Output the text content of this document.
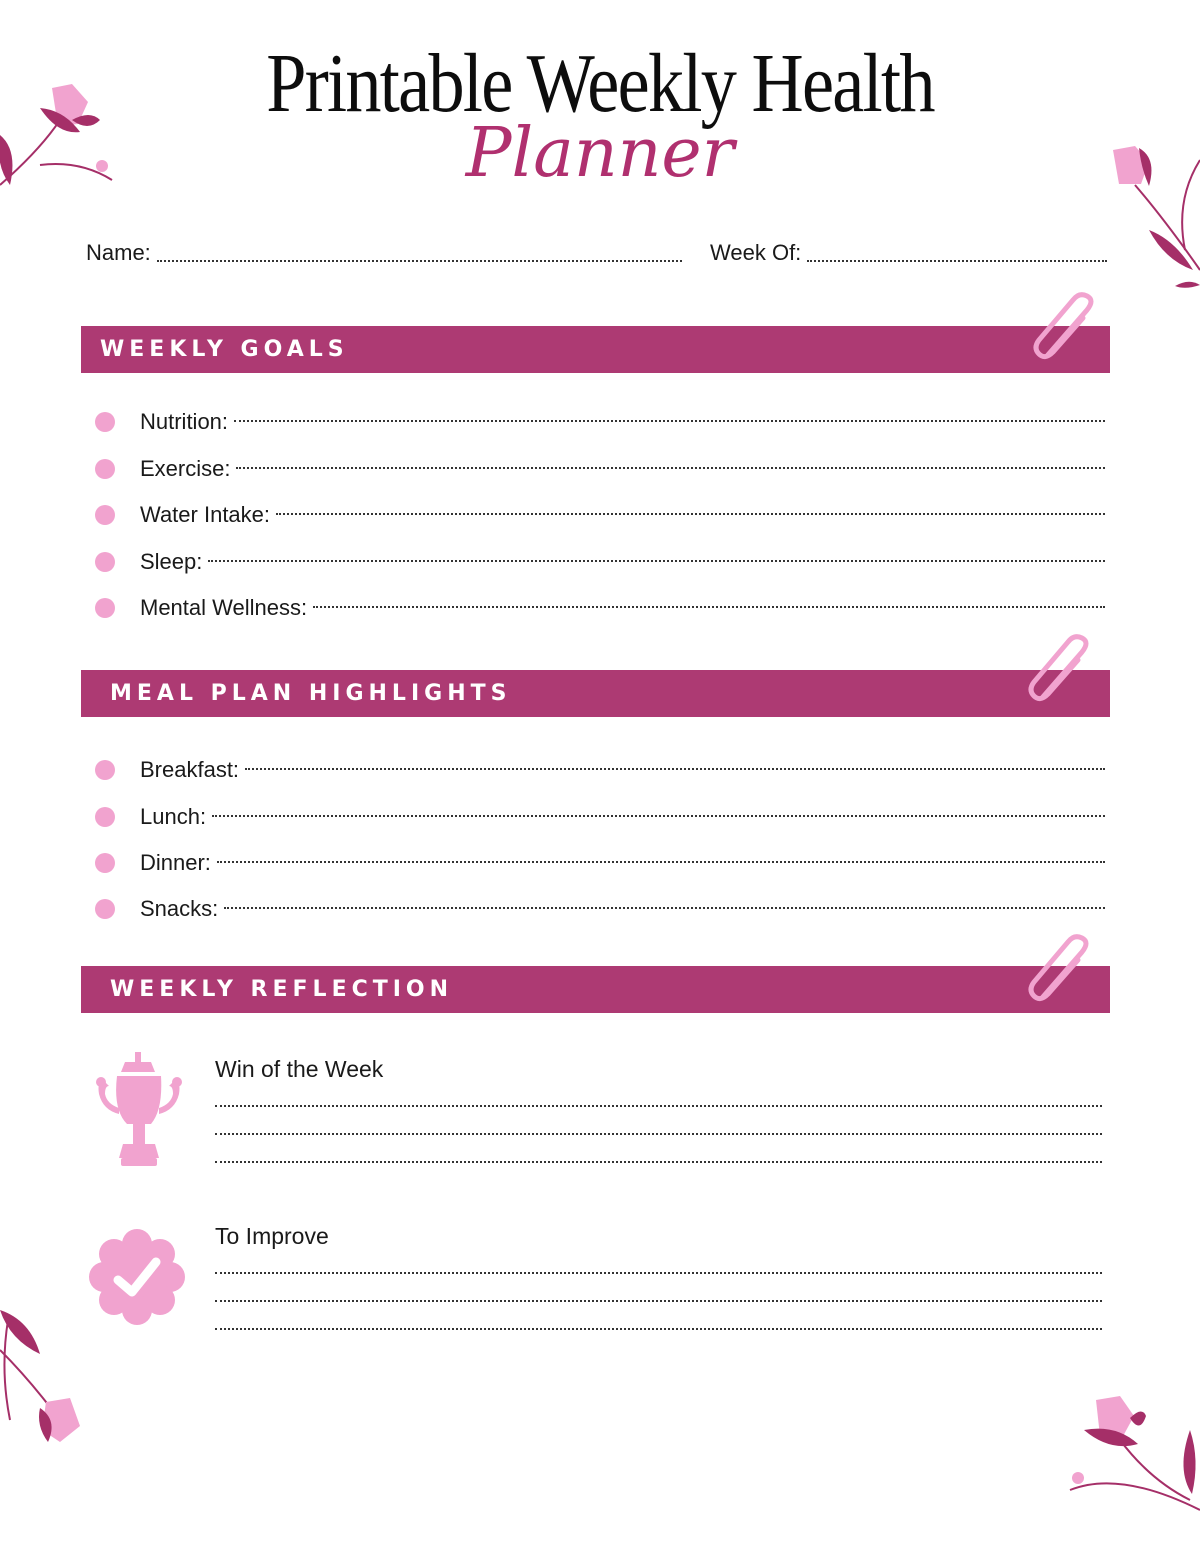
Printable Weekly Health
Planner
Name:	Week Of:
WEEKLY GOALS
Nutrition:
Exercise:
Water Intake:
Sleep:
Mental Wellness:
MEAL PLAN HIGHLIGHTS
Breakfast:
Lunch:
Dinner:
Snacks:
WEEKLY REFLECTION
Win of the Week
To Improve
